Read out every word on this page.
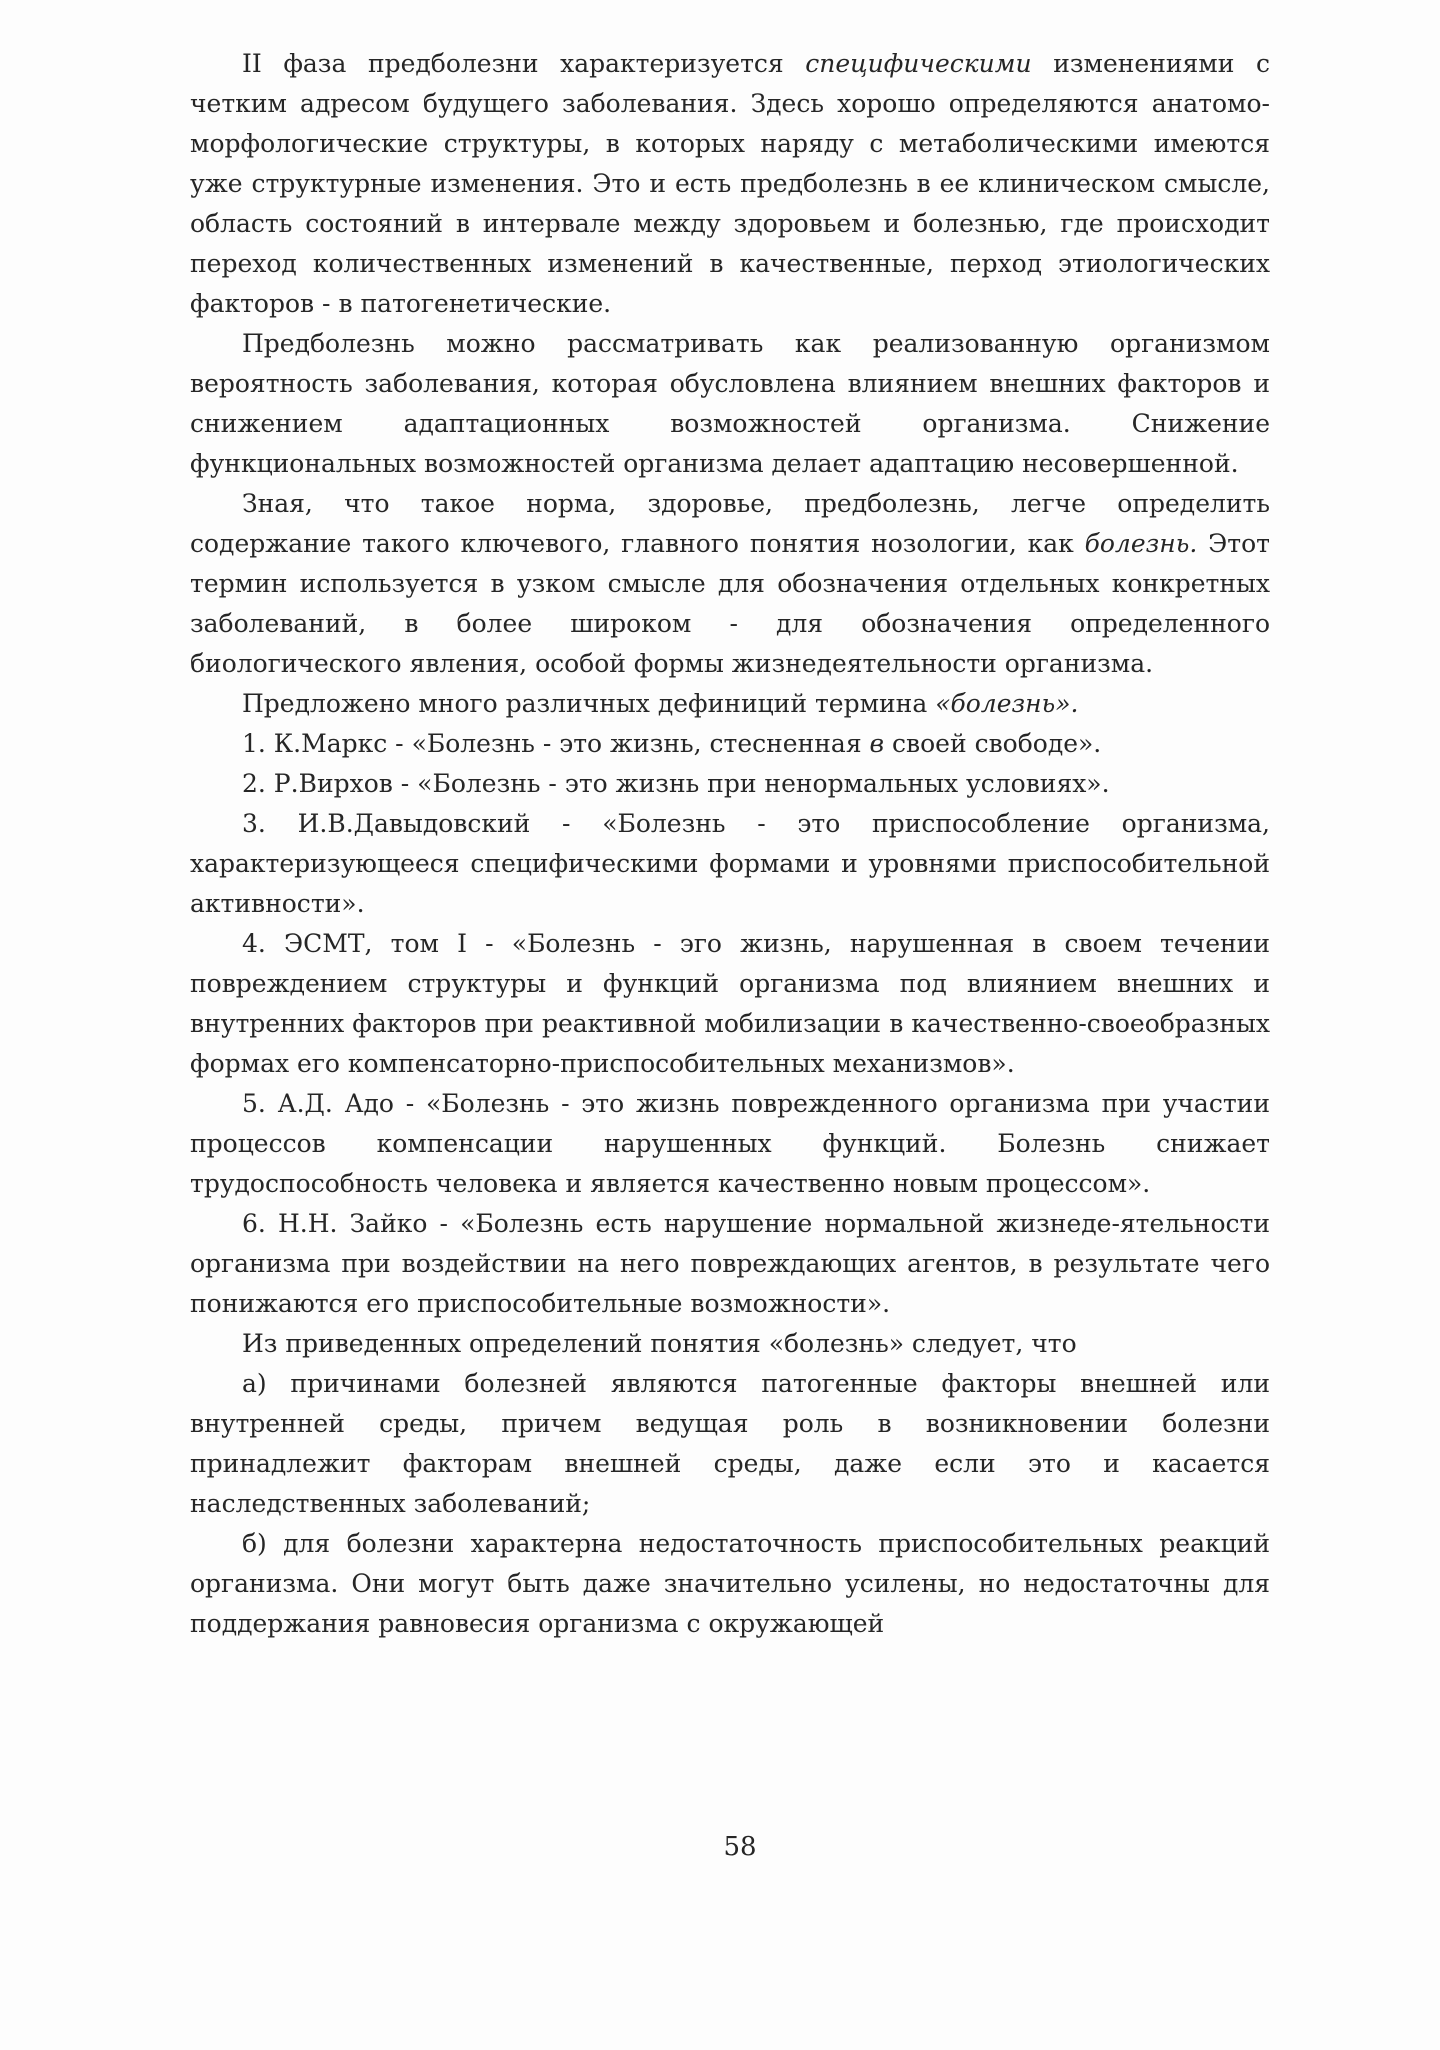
II фаза предболезни характеризуется специфическими изменениями с четким адресом будущего заболевания. Здесь хорошо определяются анатомо-морфологические структуры, в которых наряду с метаболическими имеются уже структурные изменения. Это и есть предболезнь в ее клиническом смысле, область состояний в интервале между здоровьем и болезнью, где происходит переход количественных изменений в качественные, перход этиологических факторов - в патогенетические.

Предболезнь можно рассматривать как реализованную организмом вероятность заболевания, которая обусловлена влиянием внешних факторов и снижением адаптационных возможностей организма. Снижение функциональных возможностей организма делает адаптацию несовершенной.

Зная, что такое норма, здоровье, предболезнь, легче определить содержание такого ключевого, главного понятия нозологии, как болезнь. Этот термин используется в узком смысле для обозначения отдельных конкретных заболеваний, в более широком - для обозначения определенного биологического явления, особой формы жизнедеятельности организма.

Предложено много различных дефиниций термина «болезнь».

1. К.Маркс - «Болезнь - это жизнь, стесненная в своей свободе».

2. Р.Вирхов - «Болезнь - это жизнь при ненормальных условиях».

3. И.В.Давыдовский - «Болезнь - это приспособление организма, характеризующееся специфическими формами и уровнями приспособительной активности».

4. ЭСМТ, том I - «Болезнь - эго жизнь, нарушенная в своем течении повреждением структуры и функций организма под влиянием внешних и внутренних факторов при реактивной мобилизации в качественно-своеобразных формах его компенсаторно-приспособительных механизмов».

5. А.Д. Адо - «Болезнь - это жизнь поврежденного организма при участии процессов компенсации нарушенных функций. Болезнь снижает трудоспособность человека и является качественно новым процессом».

6. Н.Н. Зайко - «Болезнь есть нарушение нормальной жизнеде-ятельности организма при воздействии на него повреждающих агентов, в результате чего понижаются его приспособительные возможности».

Из приведенных определений понятия «болезнь» следует, что

а) причинами болезней являются патогенные факторы внешней или внутренней среды, причем ведущая роль в возникновении болезни принадлежит факторам внешней среды, даже если это и касается наследственных заболеваний;

б) для болезни характерна недостаточность приспособительных реакций организма. Они могут быть даже значительно усилены, но недостаточны для поддержания равновесия организма с окружающей

58
